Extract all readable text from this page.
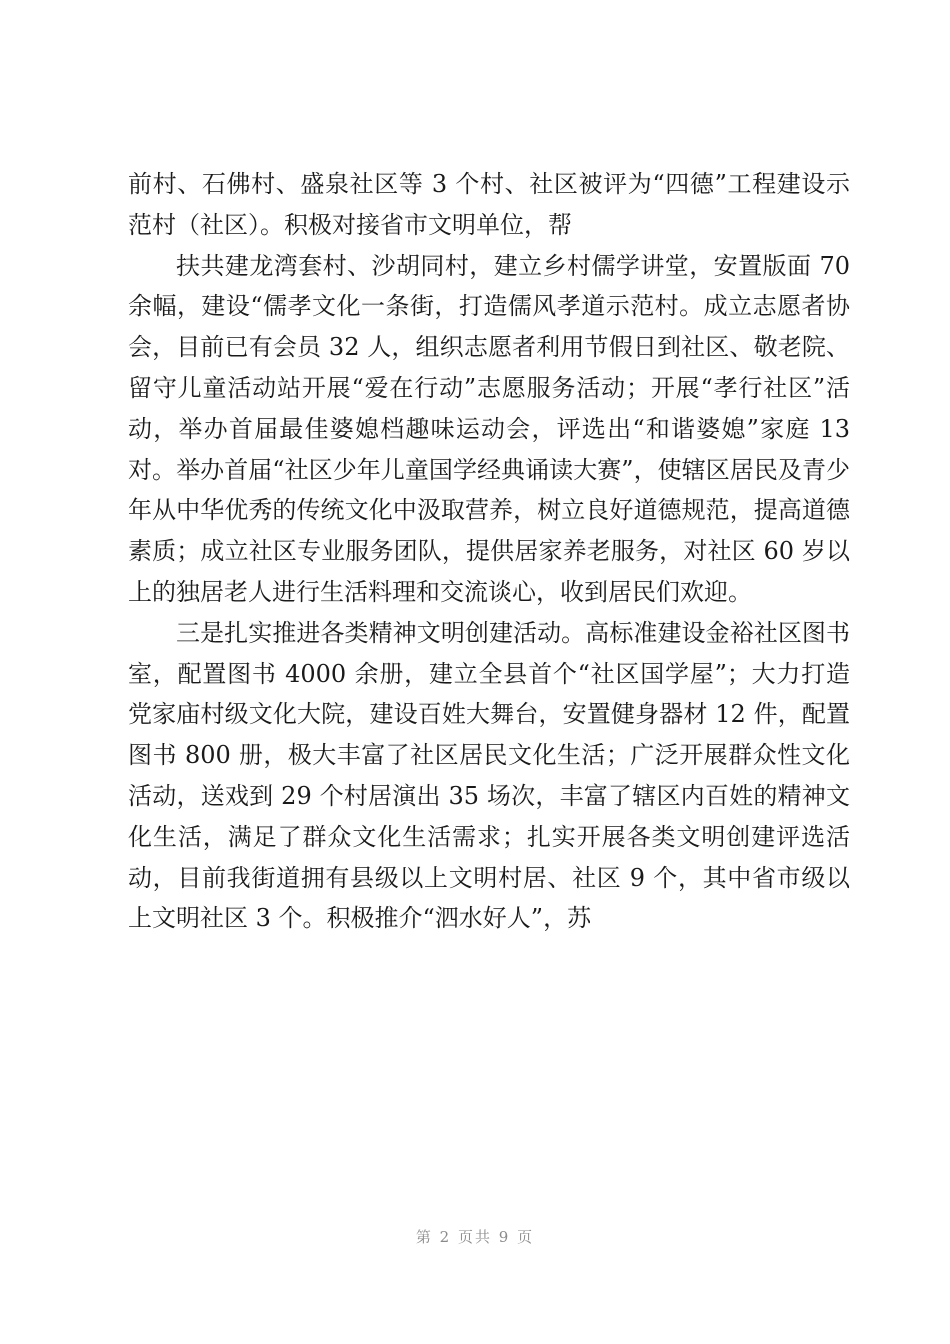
前村、石佛村、盛泉社区等 3 个村、社区被评为“四德”工程建设示范村（社区）。积极对接省市文明单位，帮

扶共建龙湾套村、沙胡同村，建立乡村儒学讲堂，安置版面 70 余幅，建设“儒孝文化一条街，打造儒风孝道示范村。成立志愿者协会，目前已有会员 32 人，组织志愿者利用节假日到社区、敬老院、留守儿童活动站开展“爱在行动”志愿服务活动；开展“孝行社区”活动，举办首届最佳婆媳档趣味运动会，评选出“和谐婆媳”家庭 13 对。举办首届“社区少年儿童国学经典诵读大赛”，使辖区居民及青少年从中华优秀的传统文化中汲取营养，树立良好道德规范，提高道德素质；成立社区专业服务团队，提供居家养老服务，对社区 60 岁以上的独居老人进行生活料理和交流谈心，收到居民们欢迎。

三是扎实推进各类精神文明创建活动。高标准建设金裕社区图书室，配置图书 4000 余册，建立全县首个“社区国学屋”；大力打造党家庙村级文化大院，建设百姓大舞台，安置健身器材 12 件，配置图书 800 册，极大丰富了社区居民文化生活；广泛开展群众性文化活动，送戏到 29 个村居演出 35 场次，丰富了辖区内百姓的精神文化生活，满足了群众文化生活需求；扎实开展各类文明创建评选活动，目前我街道拥有县级以上文明村居、社区 9 个，其中省市级以上文明社区 3 个。积极推介“泗水好人”，苏

第 2 页共 9 页
